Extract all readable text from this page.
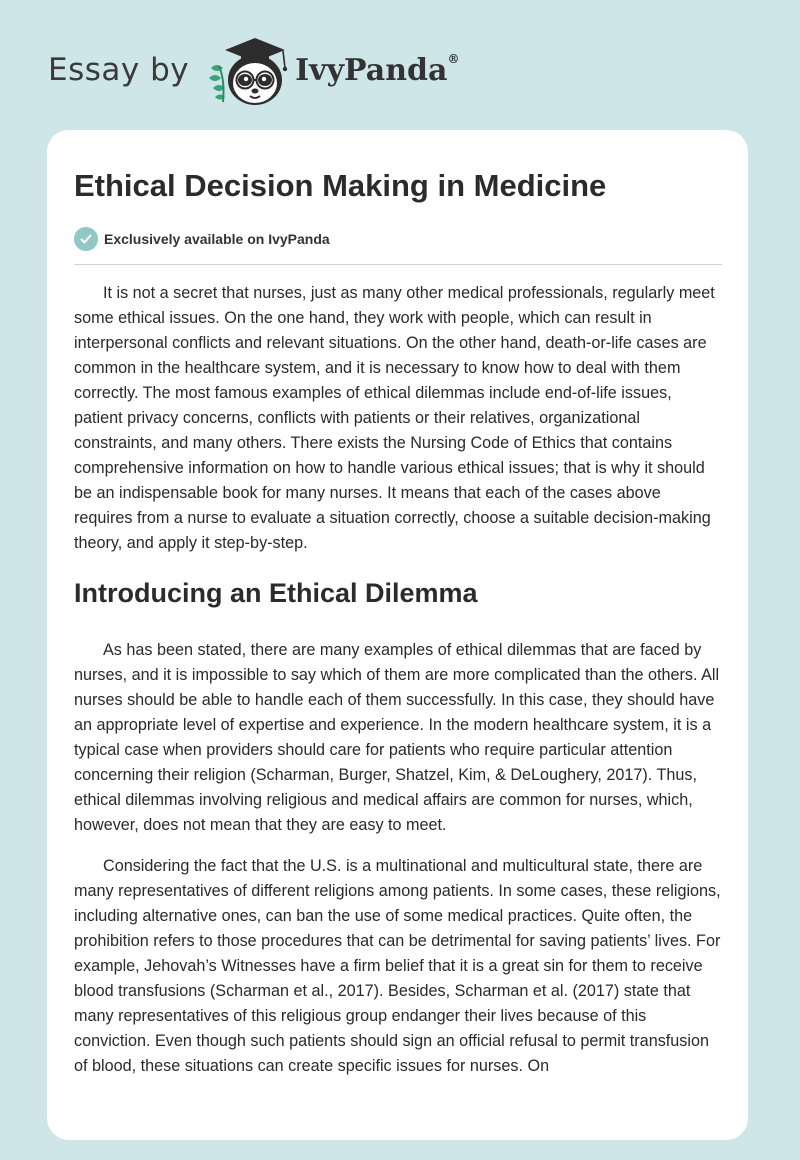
Essay by	IvyPanda®
Ethical Decision Making in Medicine
Exclusively available on IvyPanda

It is not a secret that nurses, just as many other medical professionals, regularly meet some ethical issues. On the one hand, they work with people, which can result in interpersonal conflicts and relevant situations. On the other hand, death-or-life cases are common in the healthcare system, and it is necessary to know how to deal with them correctly. The most famous examples of ethical dilemmas include end-of-life issues, patient privacy concerns, conflicts with patients or their relatives, organizational constraints, and many others. There exists the Nursing Code of Ethics that contains comprehensive information on how to handle various ethical issues; that is why it should be an indispensable book for many nurses. It means that each of the cases above requires from a nurse to evaluate a situation correctly, choose a suitable decision-making theory, and apply it step-by-step.

Introducing an Ethical Dilemma

As has been stated, there are many examples of ethical dilemmas that are faced by nurses, and it is impossible to say which of them are more complicated than the others. All nurses should be able to handle each of them successfully. In this case, they should have an appropriate level of expertise and experience. In the modern healthcare system, it is a typical case when providers should care for patients who require particular attention concerning their religion (Scharman, Burger, Shatzel, Kim, & DeLoughery, 2017). Thus, ethical dilemmas involving religious and medical affairs are common for nurses, which, however, does not mean that they are easy to meet.

Considering the fact that the U.S. is a multinational and multicultural state, there are many representatives of different religions among patients. In some cases, these religions, including alternative ones, can ban the use of some medical practices. Quite often, the prohibition refers to those procedures that can be detrimental for saving patients’ lives. For example, Jehovah’s Witnesses have a firm belief that it is a great sin for them to receive blood transfusions (Scharman et al., 2017). Besides, Scharman et al. (2017) state that many representatives of this religious group endanger their lives because of this conviction. Even though such patients should sign an official refusal to permit transfusion of blood, these situations can create specific issues for nurses. On
